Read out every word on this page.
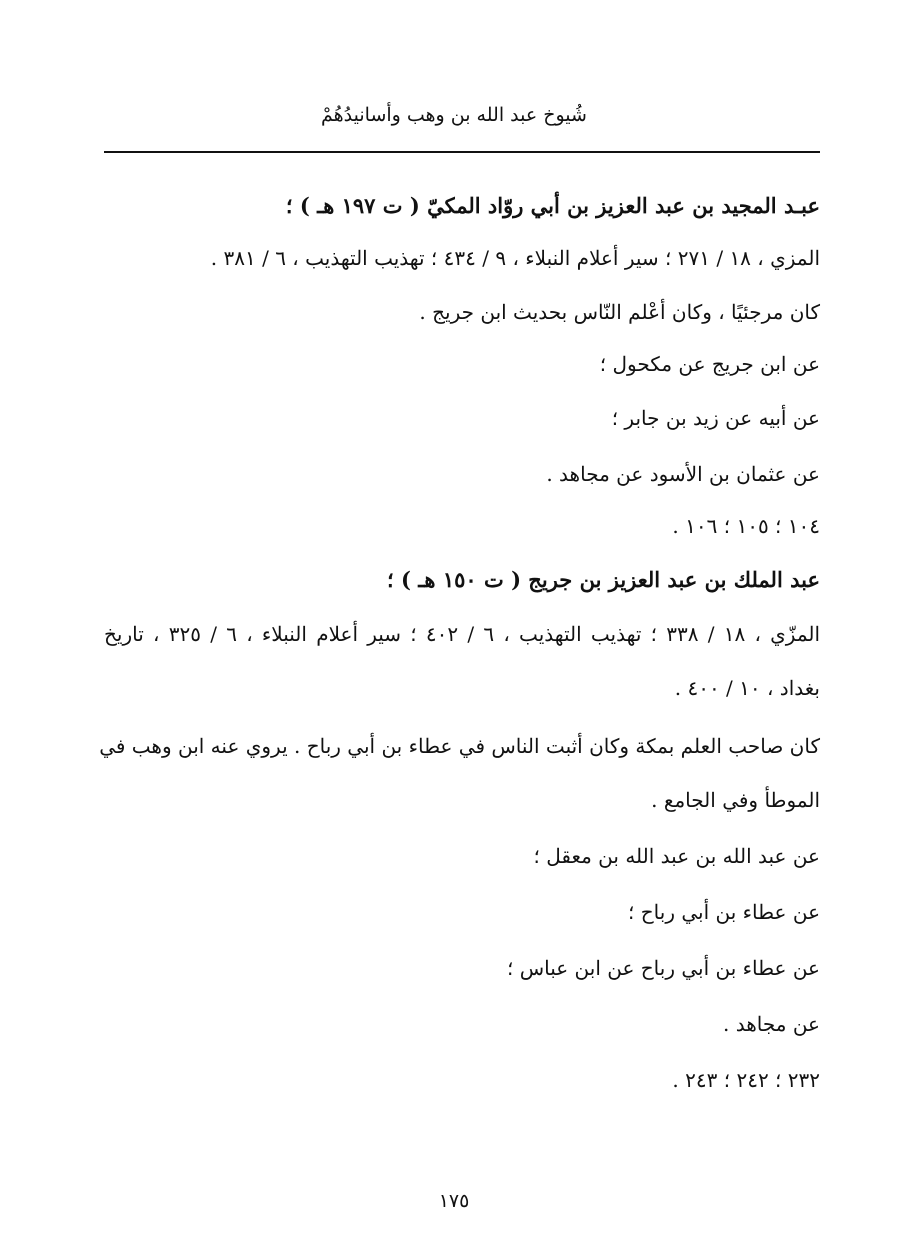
شُيوخ عبد الله بن وهب وأسانيدُهُمْ
عبـد المجيد بن عبد العزيز بن أبي روّاد المكيّ ( ت ١٩٧ هـ ) ؛
المزي ، ١٨ / ٢٧١ ؛ سير أعلام النبلاء ، ٩ / ٤٣٤ ؛ تهذيب التهذيب ، ٦ / ٣٨١ .
كان مرجئيًا ، وكان أعْلم النّاس بحديث ابن جريج .
عن ابن جريج عن مكحول ؛
عن أبيه عن زيد بن جابر ؛
عن عثمان بن الأسود عن مجاهد .
١٠٤ ؛ ١٠٥ ؛ ١٠٦ .
عبد الملك بن عبد العزيز بن جريج ( ت ١٥٠ هـ ) ؛
المزّي ، ١٨ / ٣٣٨ ؛ تهذيب التهذيب ، ٦ / ٤٠٢ ؛ سير أعلام النبلاء ، ٦ / ٣٢٥ ، تاريخ
بغداد ، ١٠ / ٤٠٠ .
كان صاحب العلم بمكة وكان أثبت الناس في عطاء بن أبي رباح . يروي عنه ابن وهب في
الموطأ وفي الجامع .
عن عبد الله بن عبد الله بن معقل ؛
عن عطاء بن أبي رباح ؛
عن عطاء بن أبي رباح عن ابن عباس ؛
عن مجاهد .
٢٣٢ ؛ ٢٤٢ ؛ ٢٤٣ .
١٧٥
